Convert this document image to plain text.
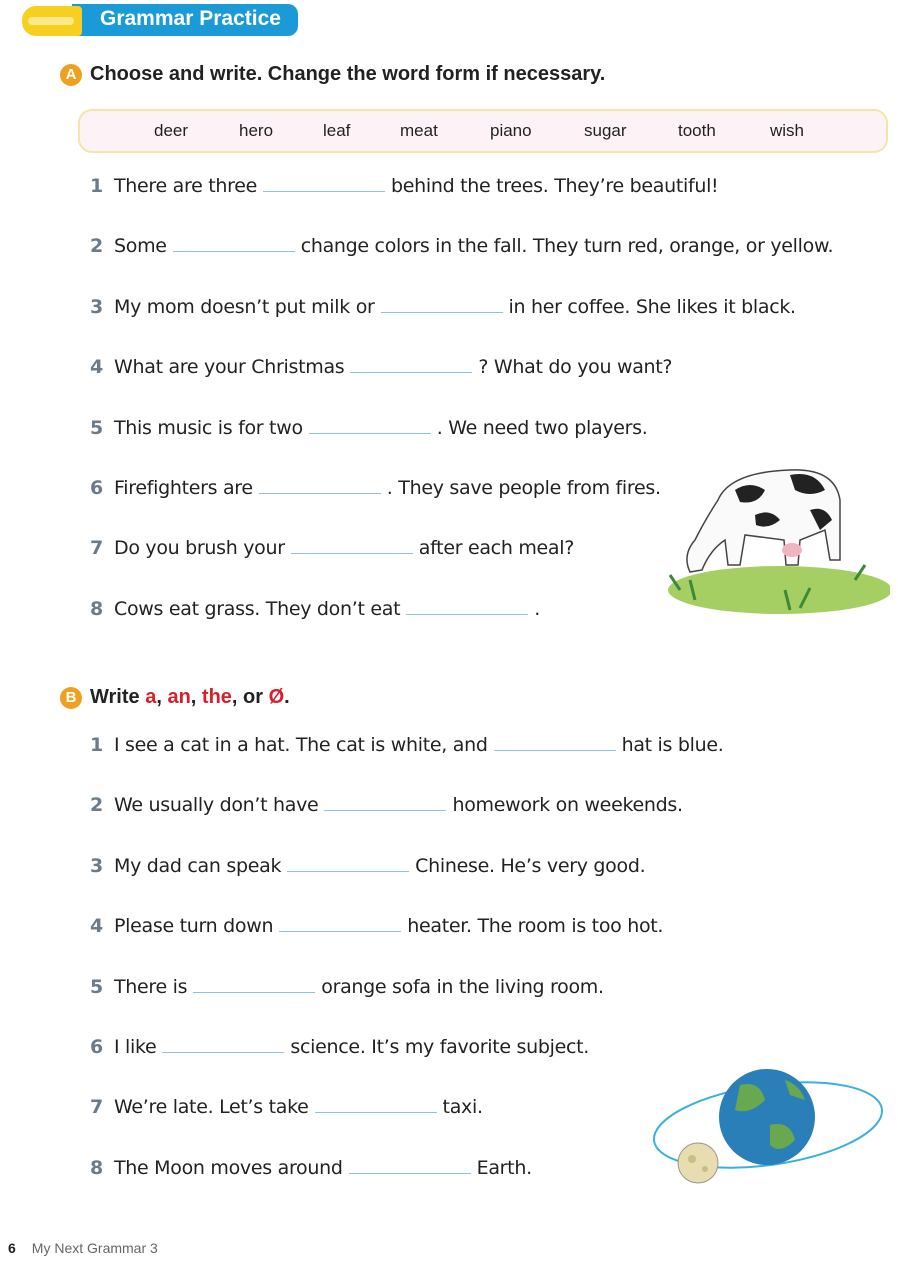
Grammar Practice
A Choose and write. Change the word form if necessary.
deer	hero	leaf	meat	piano	sugar	tooth	wish
1 There are three	behind the trees. They’re beautiful!
2 Some	change colors in the fall. They turn red, orange, or yellow.
3 My mom doesn’t put milk or	in her coffee. She likes it black.
4 What are your Christmas	? What do you want?
5 This music is for two	. We need two players.
6 Firefighters are	. They save people from fires.
7 Do you brush your	after each meal?
8 Cows eat grass. They don’t eat	.
B Write a, an, the, or Ø.
1 I see a cat in a hat. The cat is white, and	hat is blue.
2 We usually don’t have	homework on weekends.
3 My dad can speak	Chinese. He’s very good.
4 Please turn down	heater. The room is too hot.
5 There is	orange sofa in the living room.
6 I like	science. It’s my favorite subject.
7 We’re late. Let’s take	taxi.
8 The Moon moves around	Earth.
6 My Next Grammar 3
